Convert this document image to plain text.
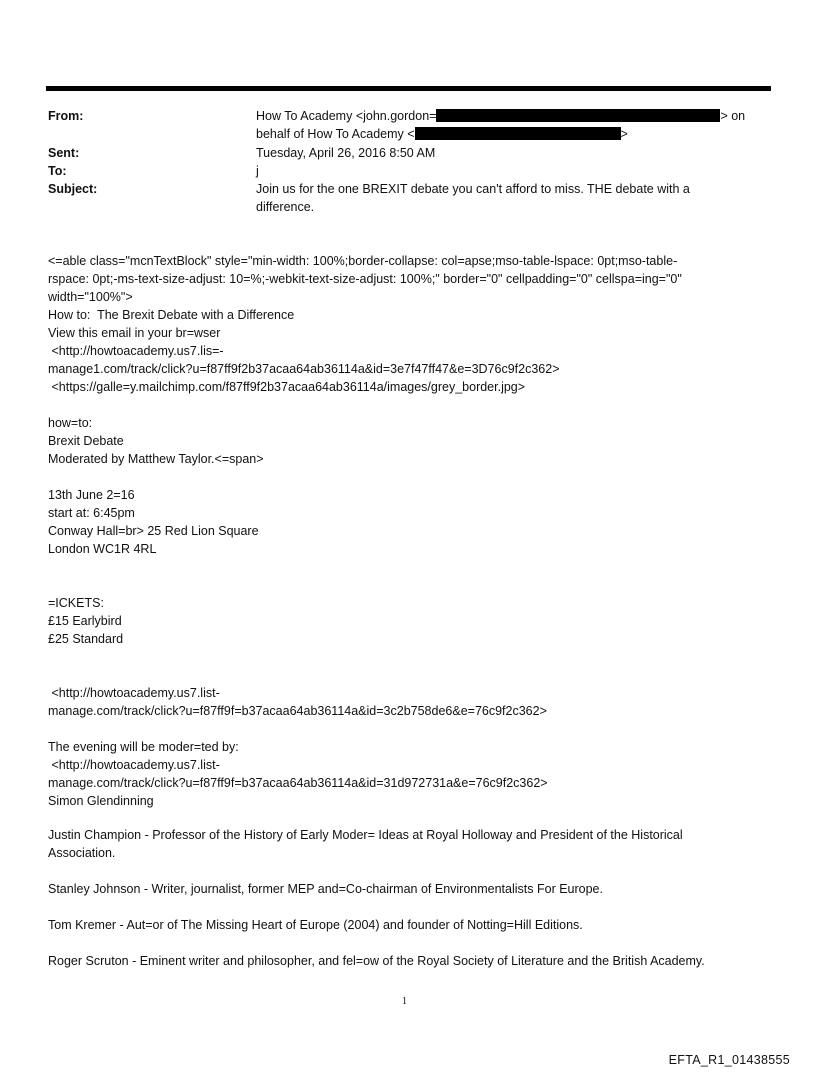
From:	How To Academy <john.gordon=	> on
behalf of How To Academy <	>
Sent:	Tuesday, April 26, 2016 8:50 AM
To:	j
Subject:	Join us for the one BREXIT debate you can't afford to miss. THE debate with a
difference.
<=able class="mcnTextBlock" style="min-width: 100%;border-collapse: col=apse;mso-table-lspace: 0pt;mso-table-
rspace: 0pt;-ms-text-size-adjust: 10=%;-webkit-text-size-adjust: 100%;" border="0" cellpadding="0" cellspa=ing="0"
width="100%">
How to:  The Brexit Debate with a Difference
View this email in your br=wser
<http://howtoacademy.us7.lis=-
manage1.com/track/click?u=f87ff9f2b37acaa64ab36114a&id=3e7f47ff47&e=3D76c9f2c362>
<https://galle=y.mailchimp.com/f87ff9f2b37acaa64ab36114a/images/grey_border.jpg>
how=to:
Brexit Debate
Moderated by Matthew Taylor.<=span>
13th June 2=16
start at: 6:45pm
Conway Hall=br> 25 Red Lion Square
London WC1R 4RL
=ICKETS:
£15 Earlybird
£25 Standard
<http://howtoacademy.us7.list-
manage.com/track/click?u=f87ff9f=b37acaa64ab36114a&id=3c2b758de6&e=76c9f2c362>
The evening will be moder=ted by:
<http://howtoacademy.us7.list-
manage.com/track/click?u=f87ff9f=b37acaa64ab36114a&id=31d972731a&e=76c9f2c362>
Simon Glendinning
Justin Champion - Professor of the History of Early Moder= Ideas at Royal Holloway and President of the Historical
Association.
Stanley Johnson - Writer, journalist, former MEP and=Co-chairman of Environmentalists For Europe.
Tom Kremer - Aut=or of The Missing Heart of Europe (2004) and founder of Notting=Hill Editions.
Roger Scruton - Eminent writer and philosopher, and fel=ow of the Royal Society of Literature and the British Academy.
1
EFTA_R1_01438555
